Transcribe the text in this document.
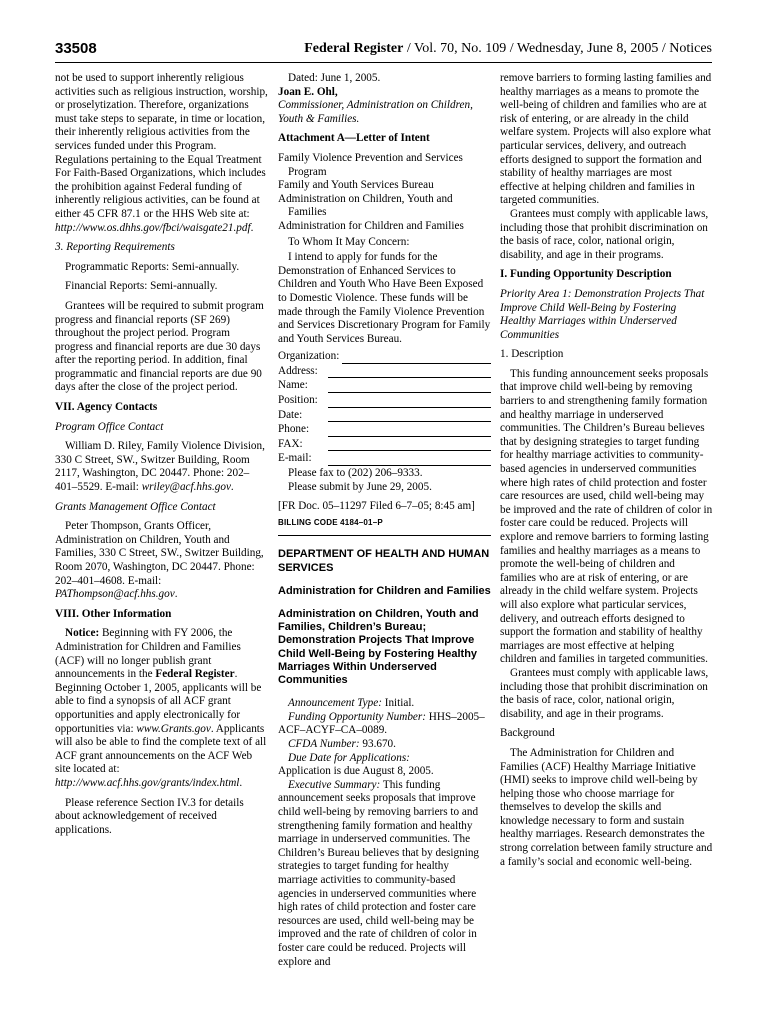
33508	Federal Register / Vol. 70, No. 109 / Wednesday, June 8, 2005 / Notices

not be used to support inherently religious activities such as religious instruction, worship, or proselytization. Therefore, organizations must take steps to separate, in time or location, their inherently religious activities from the services funded under this Program. Regulations pertaining to the Equal Treatment For Faith-Based Organizations, which includes the prohibition against Federal funding of inherently religious activities, can be found at either 45 CFR 87.1 or the HHS Web site at: http://www.os.dhhs.gov/fbci/waisgate21.pdf.

3. Reporting Requirements

Programmatic Reports: Semi-annually.

Financial Reports: Semi-annually.

Grantees will be required to submit program progress and financial reports (SF 269) throughout the project period. Program progress and financial reports are due 30 days after the reporting period. In addition, final programmatic and financial reports are due 90 days after the close of the project period.

VII. Agency Contacts

Program Office Contact

William D. Riley, Family Violence Division, 330 C Street, SW., Switzer Building, Room 2117, Washington, DC 20447. Phone: 202–401–5529. E-mail: wriley@acf.hhs.gov.

Grants Management Office Contact

Peter Thompson, Grants Officer, Administration on Children, Youth and Families, 330 C Street, SW., Switzer Building, Room 2070, Washington, DC 20447. Phone: 202–401–4608. E-mail: PAThompson@acf.hhs.gov.

VIII. Other Information

Notice: Beginning with FY 2006, the Administration for Children and Families (ACF) will no longer publish grant announcements in the Federal Register. Beginning October 1, 2005, applicants will be able to find a synopsis of all ACF grant opportunities and apply electronically for opportunities via: www.Grants.gov. Applicants will also be able to find the complete text of all ACF grant announcements on the ACF Web site located at: http://www.acf.hhs.gov/grants/index.html.

Please reference Section IV.3 for details about acknowledgement of received applications.

Dated: June 1, 2005.

Joan E. Ohl,

Commissioner, Administration on Children, Youth & Families.

Attachment A—Letter of Intent

Family Violence Prevention and Services Program

Family and Youth Services Bureau

Administration on Children, Youth and Families

Administration for Children and Families

To Whom It May Concern:

I intend to apply for funds for the Demonstration of Enhanced Services to Children and Youth Who Have Been Exposed to Domestic Violence. These funds will be made through the Family Violence Prevention and Services Discretionary Program for Family and Youth Services Bureau.

Organization:
Address:
Name:
Position:
Date:
Phone:
FAX:
E-mail:

Please fax to (202) 206–9333.

Please submit by June 29, 2005.

[FR Doc. 05–11297 Filed 6–7–05; 8:45 am]

BILLING CODE 4184–01–P

DEPARTMENT OF HEALTH AND HUMAN SERVICES

Administration for Children and Families

Administration on Children, Youth and Families, Children’s Bureau; Demonstration Projects That Improve Child Well-Being by Fostering Healthy Marriages Within Underserved Communities

Announcement Type: Initial.

Funding Opportunity Number: HHS–2005–ACF–ACYF–CA–0089.

CFDA Number: 93.670.

Due Date for Applications:

Application is due August 8, 2005.

Executive Summary: This funding announcement seeks proposals that improve child well-being by removing barriers to and strengthening family formation and healthy marriage in underserved communities. The Children’s Bureau believes that by designing strategies to target funding for healthy marriage activities to community-based agencies in underserved communities where high rates of child protection and foster care resources are used, child well-being may be improved and the rate of children of color in foster care could be reduced. Projects will explore and

remove barriers to forming lasting families and healthy marriages as a means to promote the well-being of children and families who are at risk of entering, or are already in the child welfare system. Projects will also explore what particular services, delivery, and outreach efforts designed to support the formation and stability of healthy marriages are most effective at helping children and families in targeted communities.

Grantees must comply with applicable laws, including those that prohibit discrimination on the basis of race, color, national origin, disability, and age in their programs.

I. Funding Opportunity Description

Priority Area 1: Demonstration Projects That Improve Child Well-Being by Fostering Healthy Marriages within Underserved Communities

1. Description

This funding announcement seeks proposals that improve child well-being by removing barriers to and strengthening family formation and healthy marriage in underserved communities. The Children’s Bureau believes that by designing strategies to target funding for healthy marriage activities to community-based agencies in underserved communities where high rates of child protection and foster care resources are used, child well-being may be improved and the rate of children of color in foster care could be reduced. Projects will explore and remove barriers to forming lasting families and healthy marriages as a means to promote the well-being of children and families who are at risk of entering, or are already in the child welfare system. Projects will also explore what particular services, delivery, and outreach efforts designed to support the formation and stability of healthy marriages are most effective at helping children and families in targeted communities.

Grantees must comply with applicable laws, including those that prohibit discrimination on the basis of race, color, national origin, disability, and age in their programs.

Background

The Administration for Children and Families (ACF) Healthy Marriage Initiative (HMI) seeks to improve child well-being by helping those who choose marriage for themselves to develop the skills and knowledge necessary to form and sustain healthy marriages. Research demonstrates the strong correlation between family structure and a family’s social and economic well-being.
